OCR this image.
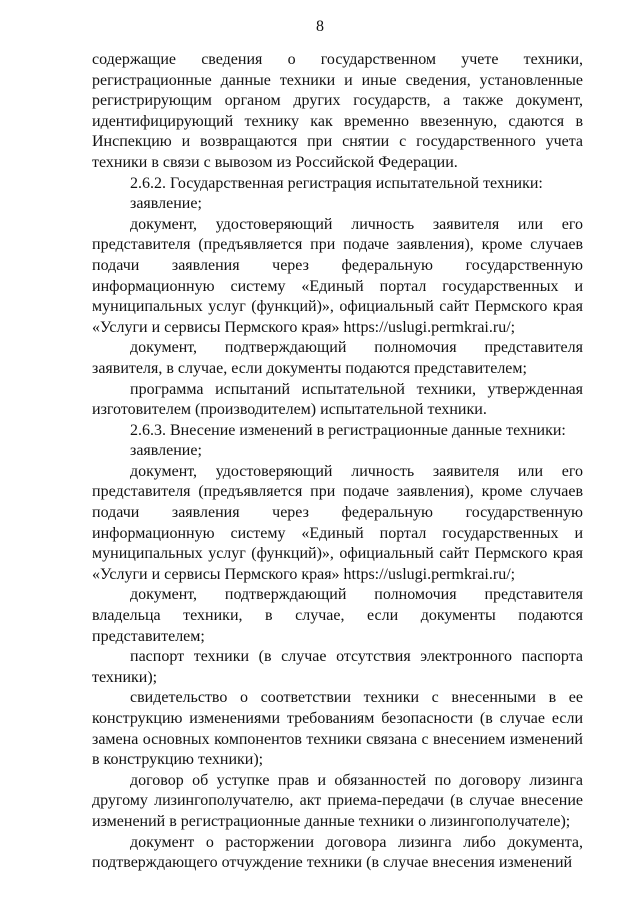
8

содержащие сведения о государственном учете техники, регистрационные данные техники и иные сведения, установленные регистрирующим органом других государств, а также документ, идентифицирующий технику как временно ввезенную, сдаются в Инспекцию и возвращаются при снятии с государственного учета техники в связи с вывозом из Российской Федерации.

2.6.2. Государственная регистрация испытательной техники:

заявление;

документ, удостоверяющий личность заявителя или его представителя (предъявляется при подаче заявления), кроме случаев подачи заявления через федеральную государственную информационную систему «Единый портал государственных и муниципальных услуг (функций)», официальный сайт Пермского края «Услуги и сервисы Пермского края» https://uslugi.permkrai.ru/;

документ, подтверждающий полномочия представителя заявителя, в случае, если документы подаются представителем;

программа испытаний испытательной техники, утвержденная изготовителем (производителем) испытательной техники.

2.6.3. Внесение изменений в регистрационные данные техники:

заявление;

документ, удостоверяющий личность заявителя или его представителя (предъявляется при подаче заявления), кроме случаев подачи заявления через федеральную государственную информационную систему «Единый портал государственных и муниципальных услуг (функций)», официальный сайт Пермского края «Услуги и сервисы Пермского края» https://uslugi.permkrai.ru/;

документ, подтверждающий полномочия представителя владельца техники, в случае, если документы подаются представителем;

паспорт техники (в случае отсутствия электронного паспорта техники);

свидетельство о соответствии техники с внесенными в ее конструкцию изменениями требованиям безопасности (в случае если замена основных компонентов техники связана с внесением изменений в конструкцию техники);

договор об уступке прав и обязанностей по договору лизинга другому лизингополучателю, акт приема-передачи (в случае внесение изменений в регистрационные данные техники о лизингополучателе);

документ о расторжении договора лизинга либо документа, подтверждающего отчуждение техники (в случае внесения изменений
